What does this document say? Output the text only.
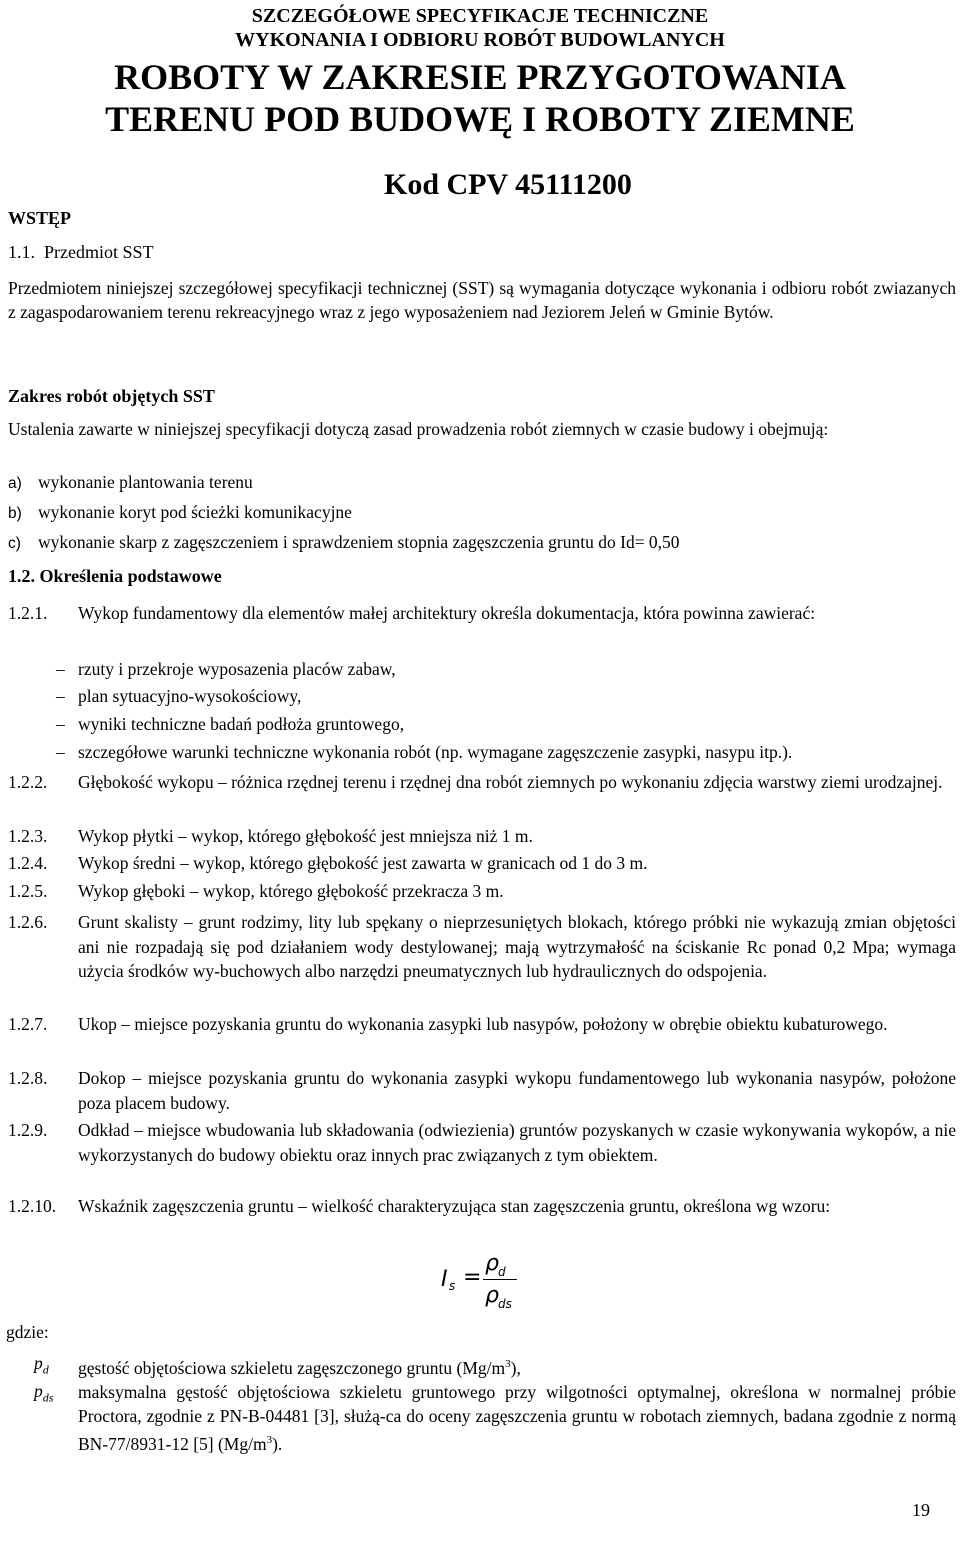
SZCZEGÓŁOWE SPECYFIKACJE TECHNICZNE
WYKONANIA I ODBIORU ROBÓT BUDOWLANYCH
ROBOTY W ZAKRESIE PRZYGOTOWANIA
TERENU POD BUDOWĘ I ROBOTY ZIEMNE
Kod CPV 45111200
WSTĘP
1.1. Przedmiot SST
Przedmiotem niniejszej szczegółowej specyfikacji technicznej (SST) są wymagania dotyczące wykonania i odbioru robót zwiazanych z zagaspodarowaniem terenu rekreacyjnego wraz z jego wyposażeniem nad Jeziorem Jeleń w Gminie Bytów.
Zakres robót objętych SST
Ustalenia zawarte w niniejszej specyfikacji dotyczą zasad prowadzenia robót ziemnych w czasie budowy i obejmują:
a) wykonanie plantowania terenu
b) wykonanie koryt pod ścieżki komunikacyjne
c) wykonanie skarp z zagęszczeniem i sprawdzeniem stopnia zagęszczenia gruntu do Id= 0,50
1.2. Określenia podstawowe
1.2.1. Wykop fundamentowy dla elementów małej architektury określa dokumentacja, która powinna zawierać:
– rzuty i przekroje wyposazenia placów zabaw,
– plan sytuacyjno-wysokościowy,
– wyniki techniczne badań podłoża gruntowego,
– szczegółowe warunki techniczne wykonania robót (np. wymagane zagęszczenie zasypki, nasypu itp.).
1.2.2. Głębokość wykopu – różnica rzędnej terenu i rzędnej dna robót ziemnych po wykonaniu zdjęcia warstwy ziemi urodzajnej.
1.2.3. Wykop płytki – wykop, którego głębokość jest mniejsza niż 1 m.
1.2.4. Wykop średni – wykop, którego głębokość jest zawarta w granicach od 1 do 3 m.
1.2.5. Wykop głęboki – wykop, którego głębokość przekracza 3 m.
1.2.6. Grunt skalisty – grunt rodzimy, lity lub spękany o nieprzesuniętych blokach, którego próbki nie wykazują zmian objętości ani nie rozpadają się pod działaniem wody destylowanej; mają wytrzymałość na ściskanie Rc ponad 0,2 Mpa; wymaga użycia środków wy-buchowych albo narzędzi pneumatycznych lub hydraulicznych do odspojenia.
1.2.7. Ukop – miejsce pozyskania gruntu do wykonania zasypki lub nasypów, położony w obrębie obiektu kubaturowego.
1.2.8. Dokop – miejsce pozyskania gruntu do wykonania zasypki wykopu fundamentowego lub wykonania nasypów, położone poza placem budowy.
1.2.9. Odkład – miejsce wbudowania lub składowania (odwiezienia) gruntów pozyskanych w czasie wykonywania wykopów, a nie wykorzystanych do budowy obiektu oraz innych prac związanych z tym obiektem.
1.2.10. Wskaźnik zagęszczenia gruntu – wielkość charakteryzująca stan zagęszczenia gruntu, określona wg wzoru:
I s =
ρ d
ρ ds
gdzie:
$p_d$ gęstość objętościowa szkieletu zagęszczonego gruntu $(Mg/m^3)$,
$p_{ds}$ maksymalna gęstość objętościowa szkieletu gruntowego przy wilgotności optymalnej, określona w normalnej próbie Proctora, zgodnie z PN-B-04481 [3], służą-ca do oceny zagęszczenia gruntu w robotach ziemnych, badana zgodnie z normą BN-77/8931-12 [5] $(Mg/m^3)$.
19
